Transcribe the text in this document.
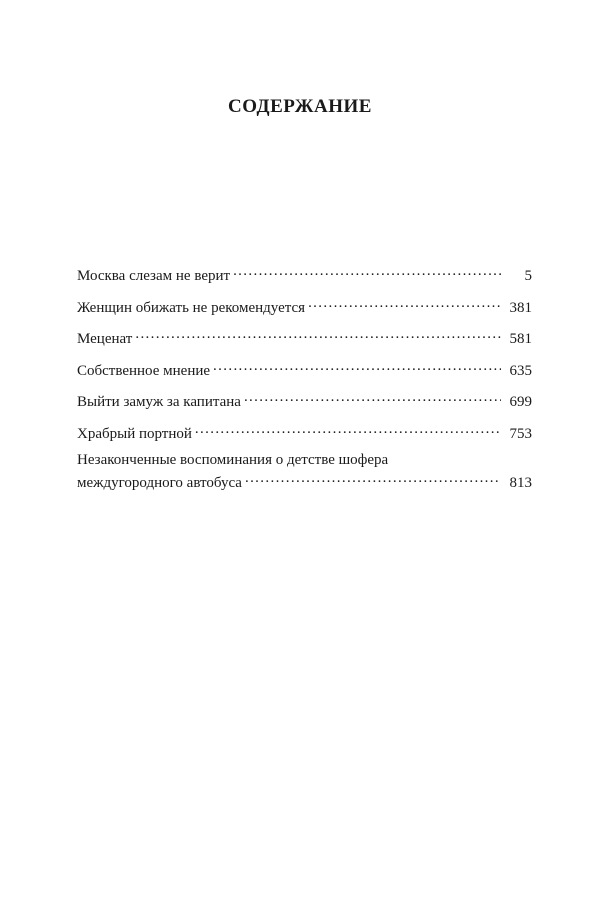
СОДЕРЖАНИЕ
Москва слезам не верит . . .	5
Женщин обижать не рекомендуется . . .	381
Меценат . . .	581
Собственное мнение . . .	635
Выйти замуж за капитана . . .	699
Храбрый портной . . .	753
Незаконченные воспоминания о детстве шофера
междугородного автобуса . . .	813
